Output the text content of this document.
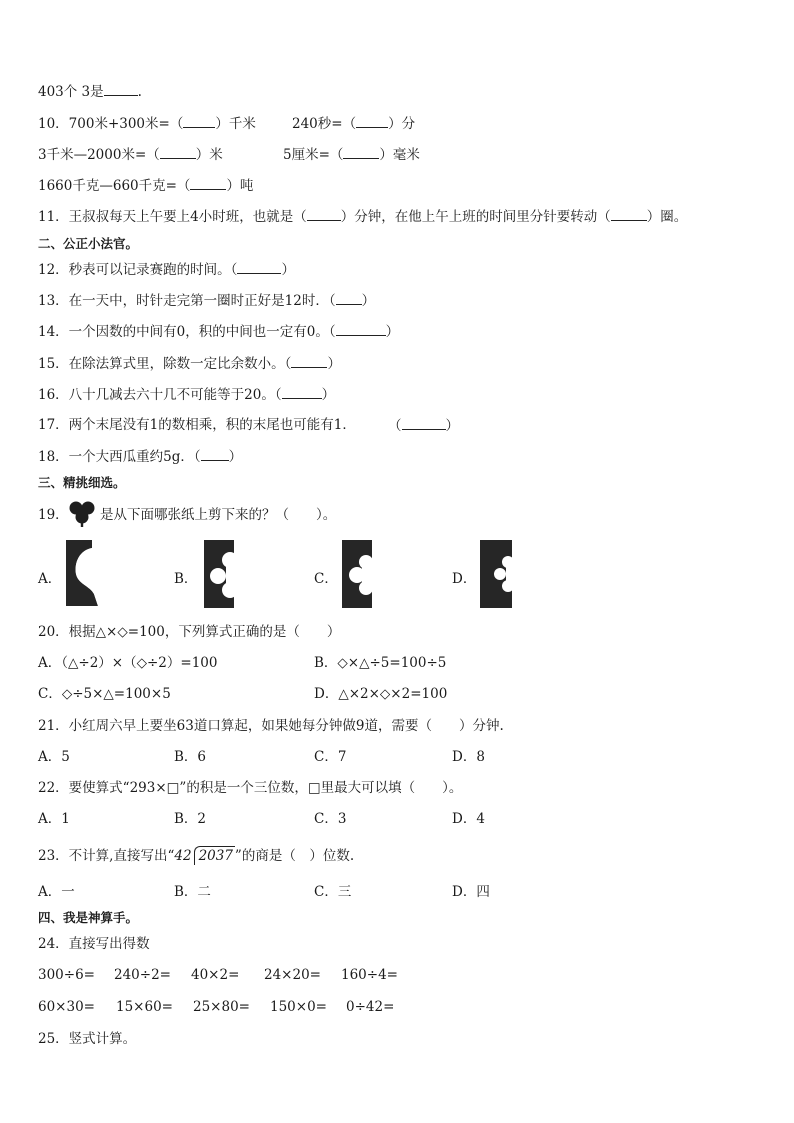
403个 3是	.
10．700米+300米=（ ）千米	240秒=（ ）分
3千米—2000米=（	）米	5厘米=（	）毫米
1660千克—660千克=（	）吨
11．王叔叔每天上午要上4小时班，也就是（	）分钟，在他上午上班的时间里分针要转动（	）圈。
二、公正小法官。
12．秒表可以记录赛跑的时间。（	）
13．在一天中，时针走完第一圈时正好是12时．（ ）
14．一个因数的中间有0，积的中间也一定有0。（	）
15．在除法算式里，除数一定比余数小。（	）
16．八十几减去六十几不可能等于20。（	）
17．两个末尾没有1的数相乘，积的末尾也可能有1． （	）
18．一个大西瓜重约5g．（ ）
三、精挑细选。
19． 是从下面哪张纸上剪下来的？（　　）。
A．	B．	C．	D．
20．根据△×◇=100，下列算式正确的是（　　）
A．（△÷2）×（◇÷2）=100	B．◇×△÷5=100÷5
C．◇÷5×△=100×5	D．△×2×◇×2=100
21．小红周六早上要坐63道口算起，如果她每分钟做9道，需要（　　）分钟.
A．5	B．6	C．7	D．8
22．要使算式“293×□”的积是一个三位数，□里最大可以填（　　）。
A．1	B．2	C．3	D．4
23．不计算,直接写出“42 2037 ”的商是（　）位数.
A．一	B．二	C．三	D．四
四、我是神算手。
24．直接写出得数
300÷6= 240÷2= 40×2= 24×20= 160÷4=
60×30= 15×60= 25×80= 150×0= 0÷42=
25．竖式计算。
